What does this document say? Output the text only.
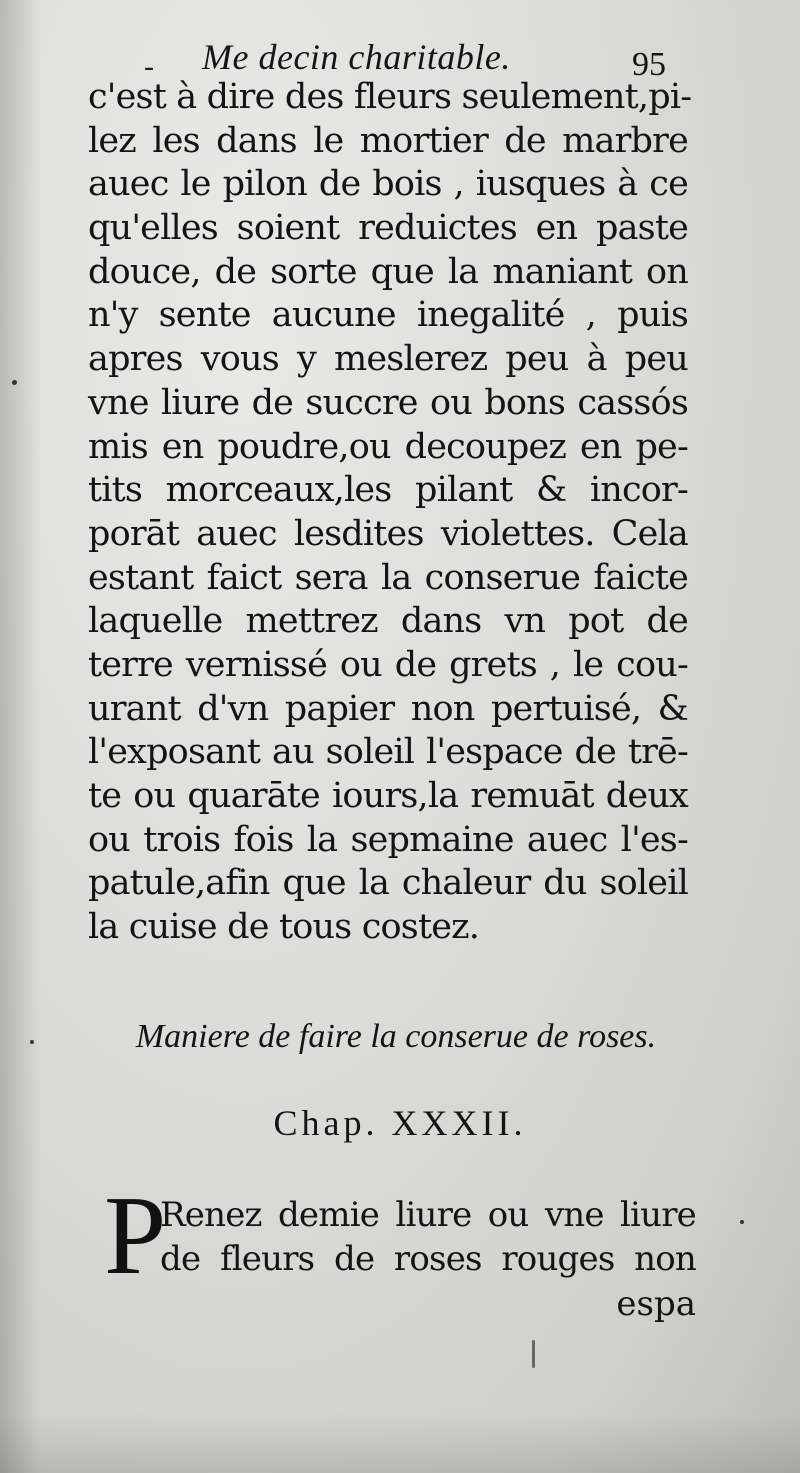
- Me decin charitable.	95
c'est à dire des fleurs seulement,pi-
lez les dans le mortier de marbre
auec le pilon de bois , iusques à ce
qu'elles soient reduictes en paste
douce, de sorte que la maniant on
n'y sente aucune inegalité , puis
apres vous y meslerez peu à peu
vne liure de succre ou bons cassós
mis en poudre,ou decoupez en pe-
tits morceaux,les pilant & incor-
porāt auec lesdites violettes. Cela
estant faict sera la conserue faicte
laquelle mettrez dans vn pot de
terre vernissé ou de grets , le cou-
urant d'vn papier non pertuisé, &
l'exposant au soleil l'espace de trē-
te ou quarāte iours,la remuāt deux
ou trois fois la sepmaine auec l'es-
patule,afin que la chaleur du soleil
la cuise de tous costez.
Maniere de faire la conserue de roses.
Chap. XXXII.
P
Renez demie liure ou vne liure
de fleurs de roses rouges non
espa
